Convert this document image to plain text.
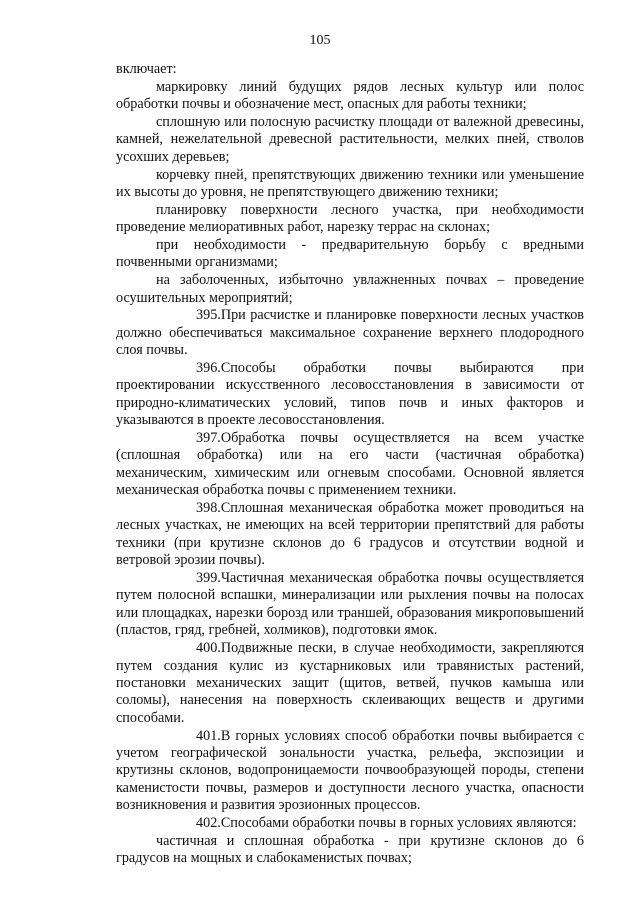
105

включает:

маркировку линий будущих рядов лесных культур или полос обработки почвы и обозначение мест, опасных для работы техники;

сплошную или полосную расчистку площади от валежной древесины, камней, нежелательной древесной растительности, мелких пней, стволов усохших деревьев;

корчевку пней, препятствующих движению техники или уменьшение их высоты до уровня, не препятствующего движению техники;

планировку поверхности лесного участка, при необходимости проведение мелиоративных работ, нарезку террас на склонах;

при необходимости - предварительную борьбу с вредными почвенными организмами;

на заболоченных, избыточно увлажненных почвах – проведение осушительных мероприятий;

395.При расчистке и планировке поверхности лесных участков должно обеспечиваться максимальное сохранение верхнего плодородного слоя почвы.

396.Способы обработки почвы выбираются при проектировании искусственного лесовосстановления в зависимости от природно-климатических условий, типов почв и иных факторов и указываются в проекте лесовосстановления.

397.Обработка почвы осуществляется на всем участке (сплошная обработка) или на его части (частичная обработка) механическим, химическим или огневым способами. Основной является механическая обработка почвы с применением техники.

398.Сплошная механическая обработка может проводиться на лесных участках, не имеющих на всей территории препятствий для работы техники (при крутизне склонов до 6 градусов и отсутствии водной и ветровой эрозии почвы).

399.Частичная механическая обработка почвы осуществляется путем полосной вспашки, минерализации или рыхления почвы на полосах или площадках, нарезки борозд или траншей, образования микроповышений (пластов, гряд, гребней, холмиков), подготовки ямок.

400.Подвижные пески, в случае необходимости, закрепляются путем создания кулис из кустарниковых или травянистых растений, постановки механических защит (щитов, ветвей, пучков камыша или соломы), нанесения на поверхность склеивающих веществ и другими способами.

401.В горных условиях способ обработки почвы выбирается с учетом географической зональности участка, рельефа, экспозиции и крутизны склонов, водопроницаемости почвообразующей породы, степени каменистости почвы, размеров и доступности лесного участка, опасности возникновения и развития эрозионных процессов.

402.Способами обработки почвы в горных условиях являются:

частичная и сплошная обработка - при крутизне склонов до 6 градусов на мощных и слабокаменистых почвах;
